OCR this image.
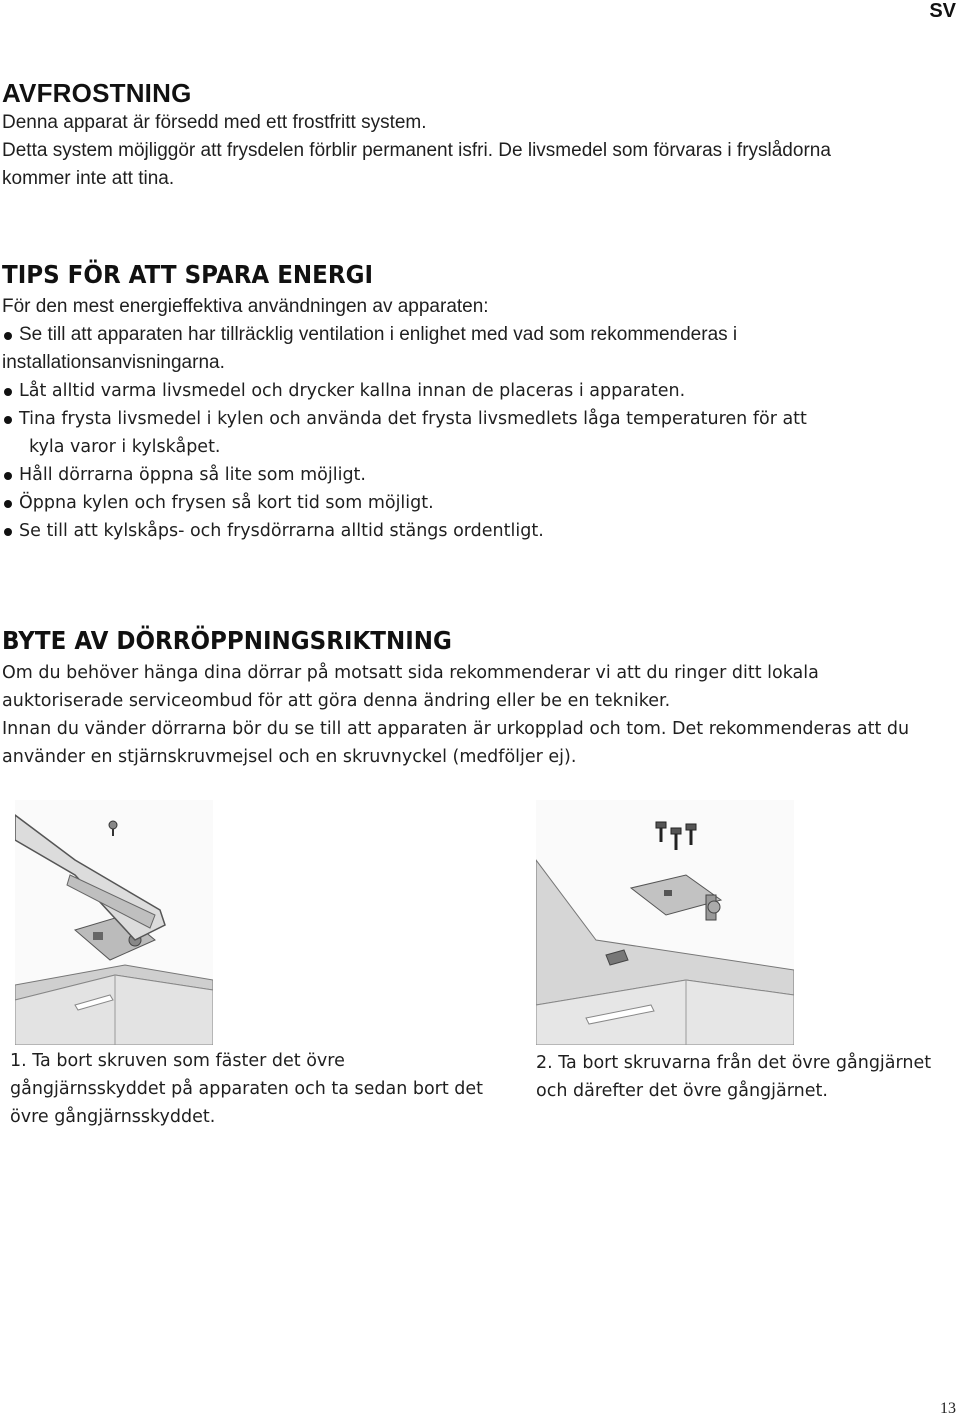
SV
AVFROSTNING

Denna apparat är försedd med ett frostfritt system.

Detta system möjliggör att frysdelen förblir permanent isfri. De livsmedel som förvaras i fryslådorna

kommer inte att tina.

TIPS FÖR ATT SPARA ENERGI

För den mest energieffektiva användningen av apparaten:

Se till att apparaten har tillräcklig ventilation i enlighet med vad som rekommenderas i

installationsanvisningarna.

Låt alltid varma livsmedel och drycker kallna innan de placeras i apparaten.
Tina frysta livsmedel i kylen och använda det frysta livsmedlets låga temperaturen för att
kyla varor i kylskåpet.
Håll dörrarna öppna så lite som möjligt.
Öppna kylen och frysen så kort tid som möjligt.
Se till att kylskåps- och frysdörrarna alltid stängs ordentligt.
BYTE AV DÖRRÖPPNINGSRIKTNING

Om du behöver hänga dina dörrar på motsatt sida rekommenderar vi att du ringer ditt lokala

auktoriserade serviceombud för att göra denna ändring eller be en tekniker.

Innan du vänder dörrarna bör du se till att apparaten är urkopplad och tom. Det rekommenderas att du

använder en stjärnskruvmejsel och en skruvnyckel (medföljer ej).

1. Ta bort skruven som fäster det övre
gångjärnsskyddet på apparaten och ta sedan bort det
övre gångjärnsskyddet.
2. Ta bort skruvarna från det övre gångjärnet
och därefter det övre gångjärnet.
13
